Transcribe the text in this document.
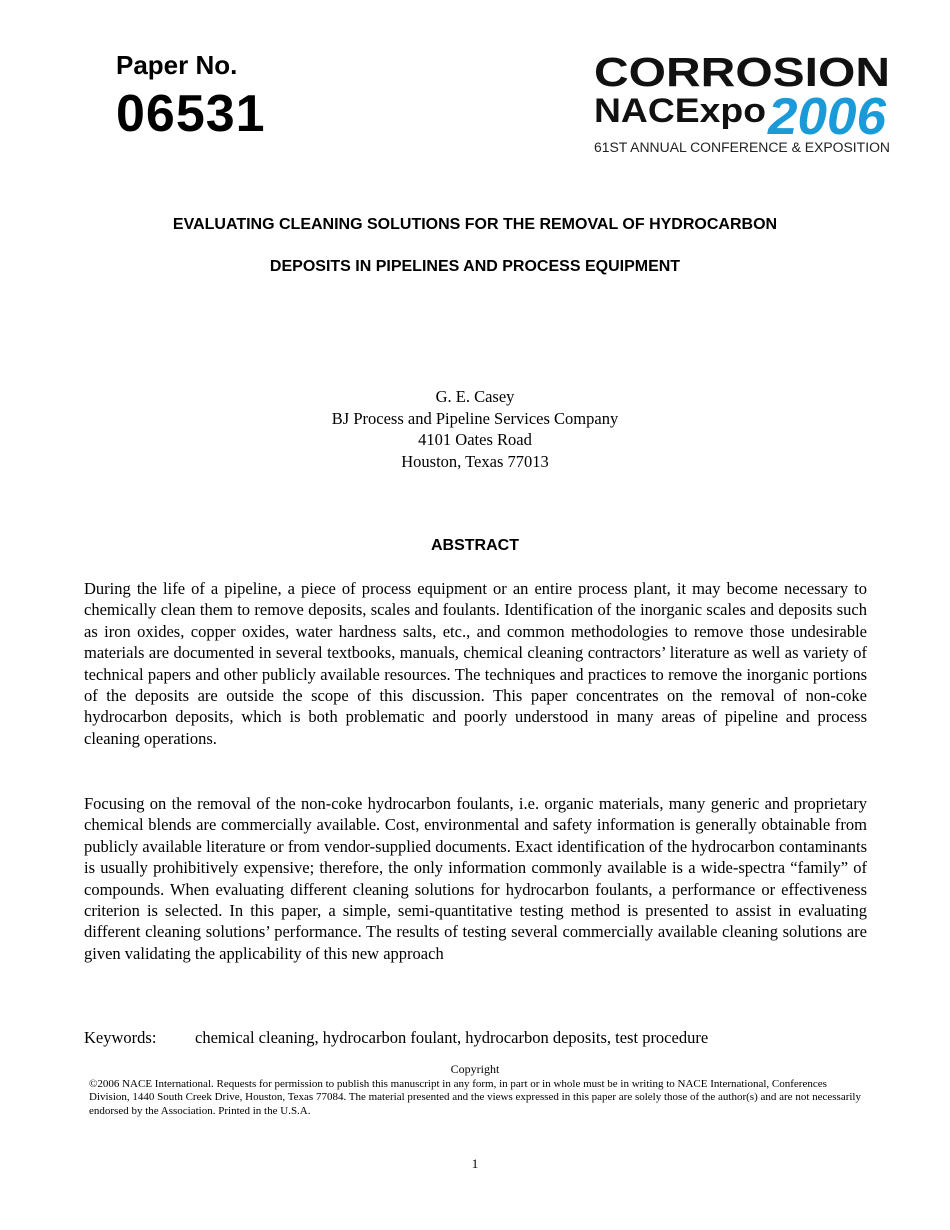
Paper No.
06531
CORROSION
NACExpo 2006
61ST ANNUAL CONFERENCE & EXPOSITION
EVALUATING CLEANING SOLUTIONS FOR THE REMOVAL OF HYDROCARBON
DEPOSITS IN PIPELINES AND PROCESS EQUIPMENT
G. E. Casey
BJ Process and Pipeline Services Company
4101 Oates Road
Houston, Texas 77013
ABSTRACT

During the life of a pipeline, a piece of process equipment or an entire process plant, it may become necessary to chemically clean them to remove deposits, scales and foulants. Identification of the inorganic scales and deposits such as iron oxides, copper oxides, water hardness salts, etc., and common methodologies to remove those undesirable materials are documented in several textbooks, manuals, chemical cleaning contractors’ literature as well as variety of technical papers and other publicly available resources. The techniques and practices to remove the inorganic portions of the deposits are outside the scope of this discussion. This paper concentrates on the removal of non-coke hydrocarbon deposits, which is both problematic and poorly understood in many areas of pipeline and process cleaning operations.

Focusing on the removal of the non-coke hydrocarbon foulants, i.e. organic materials, many generic and proprietary chemical blends are commercially available. Cost, environmental and safety information is generally obtainable from publicly available literature or from vendor-supplied documents. Exact identification of the hydrocarbon contaminants is usually prohibitively expensive; therefore, the only information commonly available is a wide-spectra “family” of compounds. When evaluating different cleaning solutions for hydrocarbon foulants, a performance or effectiveness criterion is selected. In this paper, a simple, semi-quantitative testing method is presented to assist in evaluating different cleaning solutions’ performance. The results of testing several commercially available cleaning solutions are given validating the applicability of this new approach

Keywords: chemical cleaning, hydrocarbon foulant, hydrocarbon deposits, test procedure
Copyright

©2006 NACE International. Requests for permission to publish this manuscript in any form, in part or in whole must be in writing to NACE International, Conferences Division, 1440 South Creek Drive, Houston, Texas 77084. The material presented and the views expressed in this paper are solely those of the author(s) and are not necessarily endorsed by the Association. Printed in the U.S.A.

1
